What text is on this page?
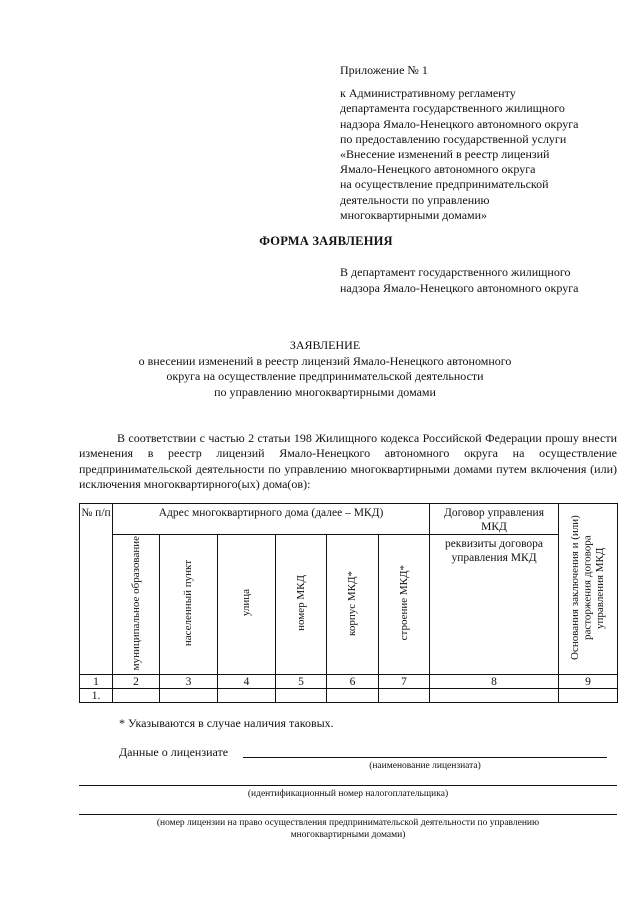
Приложение № 1
к Административному регламенту
департамента государственного жилищного
надзора Ямало-Ненецкого автономного округа
по предоставлению государственной услуги
«Внесение изменений в реестр лицензий
Ямало-Ненецкого автономного округа
на осуществление предпринимательской
деятельности по управлению
многоквартирными домами»
ФОРМА ЗАЯВЛЕНИЯ
В департамент государственного жилищного
надзора Ямало-Ненецкого автономного округа
ЗАЯВЛЕНИЕ
о внесении изменений в реестр лицензий Ямало-Ненецкого автономного
округа на осуществление предпринимательской деятельности
по управлению многоквартирными домами
В соответствии с частью 2 статьи 198 Жилищного кодекса Российской Федерации прошу внести изменения в реестр лицензий Ямало-Ненецкого автономного округа на осуществление предпринимательской деятельности по управлению многоквартирными домами путем включения (или) исключения многоквартирного(ых) дома(ов):
№ п/п	Адрес многоквартирного дома (далее – МКД)						Договор управления МКД	Основания заключения и (или) расторжения договора управления МКД
	муниципальное образование	населенный пункт	улица	номер МКД	корпус МКД*	строение МКД*	реквизиты договора управления МКД	
1	2	3	4	5	6	7	8	9
1.								
* Указываются в случае наличия таковых.
Данные о лицензиате
(наименование лицензиата)
(идентификационный номер налогоплательщика)
(номер лицензии на право осуществления предпринимательской деятельности по управлению
многоквартирными домами)
